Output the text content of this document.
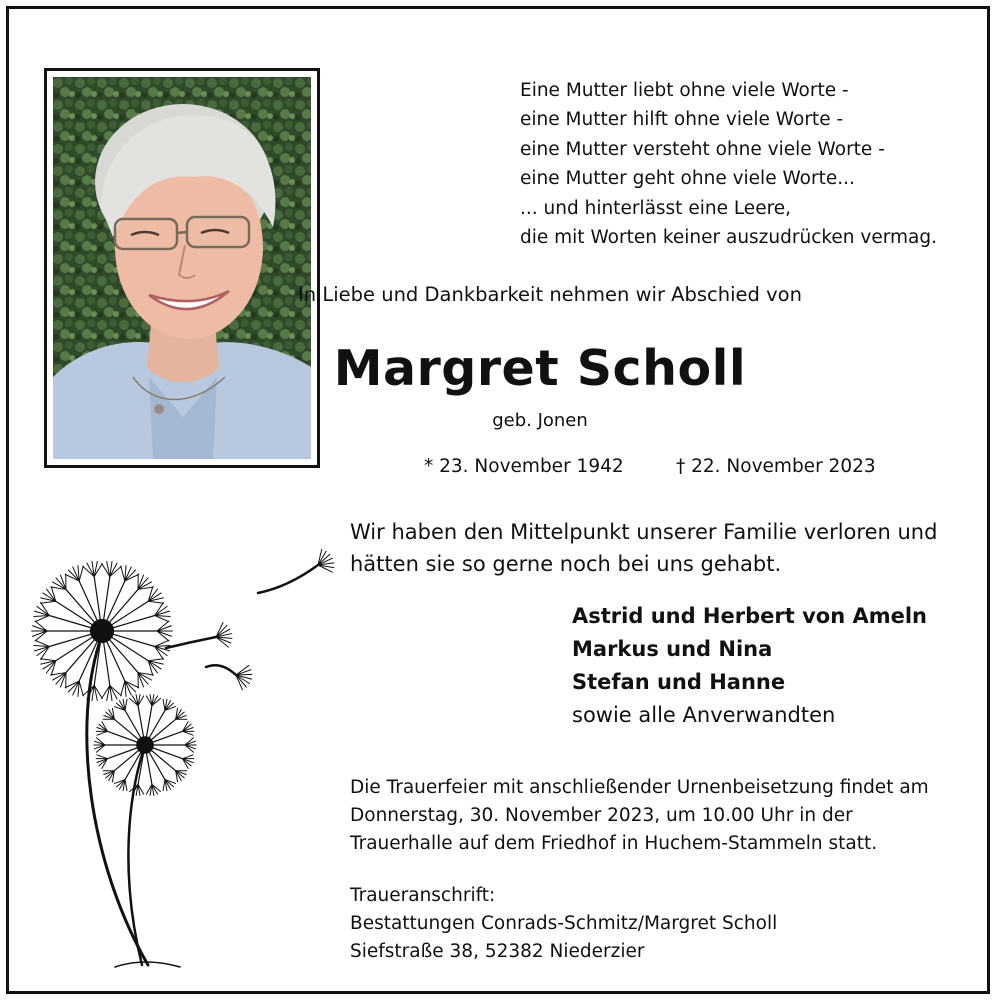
Eine Mutter liebt ohne viele Worte -
eine Mutter hilft ohne viele Worte -
eine Mutter versteht ohne viele Worte -
eine Mutter geht ohne viele Worte...
... und hinterlässt eine Leere,
die mit Worten keiner auszudrücken vermag.
In Liebe und Dankbarkeit nehmen wir Abschied von
Margret Scholl
geb. Jonen
* 23. November 1942	† 22. November 2023
Wir haben den Mittelpunkt unserer Familie verloren und
hätten sie so gerne noch bei uns gehabt.
Astrid und Herbert von Ameln
Markus und Nina
Stefan und Hanne
sowie alle Anverwandten
Die Trauerfeier mit anschließender Urnenbeisetzung findet am
Donnerstag, 30. November 2023, um 10.00 Uhr in der
Trauerhalle auf dem Friedhof in Huchem-Stammeln statt.
Traueranschrift:
Bestattungen Conrads-Schmitz/Margret Scholl
Siefstraße 38, 52382 Niederzier
